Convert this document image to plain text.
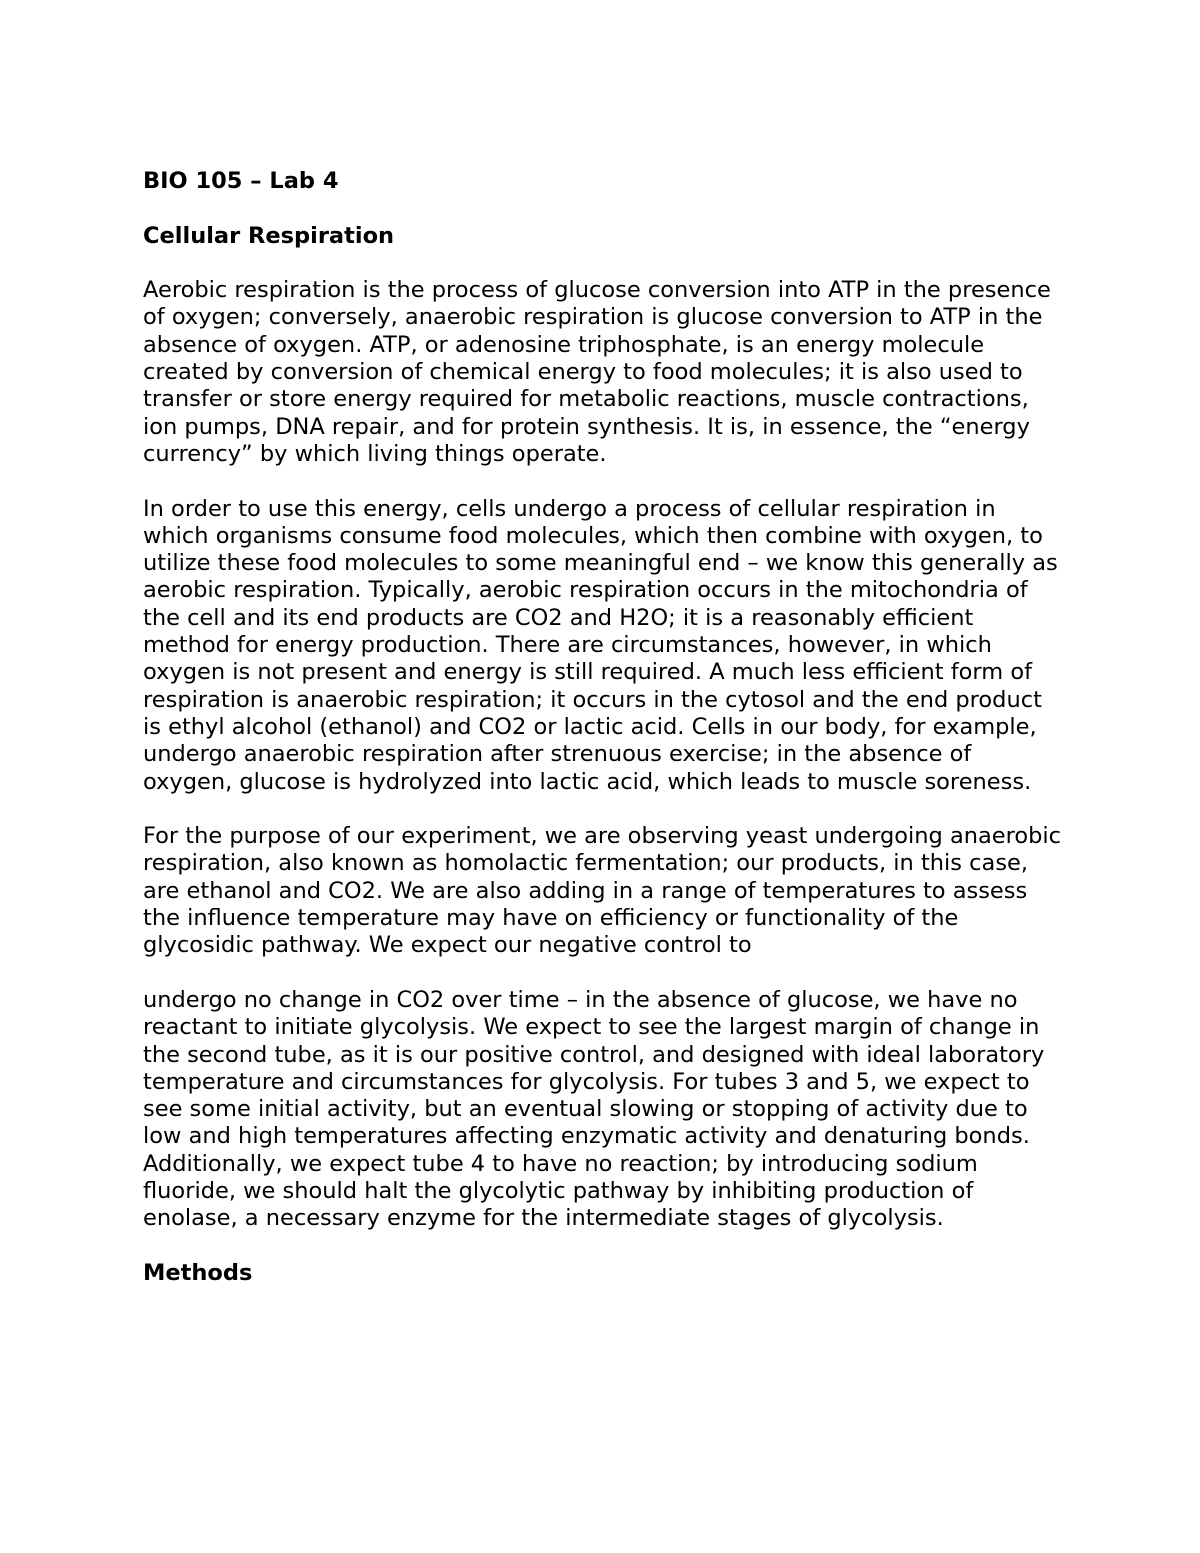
BIO 105 – Lab 4
Cellular Respiration

Aerobic respiration is the process of glucose conversion into ATP in the presence of oxygen; conversely, anaerobic respiration is glucose conversion to ATP in the absence of oxygen. ATP, or adenosine triphosphate, is an energy molecule created by conversion of chemical energy to food molecules; it is also used to transfer or store energy required for metabolic reactions, muscle contractions, ion pumps, DNA repair, and for protein synthesis. It is, in essence, the “energy currency” by which living things operate.

In order to use this energy, cells undergo a process of cellular respiration in which organisms consume food molecules, which then combine with oxygen, to utilize these food molecules to some meaningful end – we know this generally as aerobic respiration. Typically, aerobic respiration occurs in the mitochondria of the cell and its end products are CO2 and H2O; it is a reasonably efficient method for energy production. There are circumstances, however, in which oxygen is not present and energy is still required. A much less efficient form of respiration is anaerobic respiration; it occurs in the cytosol and the end product is ethyl alcohol (ethanol) and CO2 or lactic acid. Cells in our body, for example, undergo anaerobic respiration after strenuous exercise; in the absence of oxygen, glucose is hydrolyzed into lactic acid, which leads to muscle soreness.

For the purpose of our experiment, we are observing yeast undergoing anaerobic respiration, also known as homolactic fermentation; our products, in this case, are ethanol and CO2. We are also adding in a range of temperatures to assess the influence temperature may have on efficiency or functionality of the glycosidic pathway. We expect our negative control to

undergo no change in CO2 over time – in the absence of glucose, we have no reactant to initiate glycolysis. We expect to see the largest margin of change in the second tube, as it is our positive control, and designed with ideal laboratory temperature and circumstances for glycolysis. For tubes 3 and 5, we expect to see some initial activity, but an eventual slowing or stopping of activity due to low and high temperatures affecting enzymatic activity and denaturing bonds. Additionally, we expect tube 4 to have no reaction; by introducing sodium fluoride, we should halt the glycolytic pathway by inhibiting production of enolase, a necessary enzyme for the intermediate stages of glycolysis.

Methods
